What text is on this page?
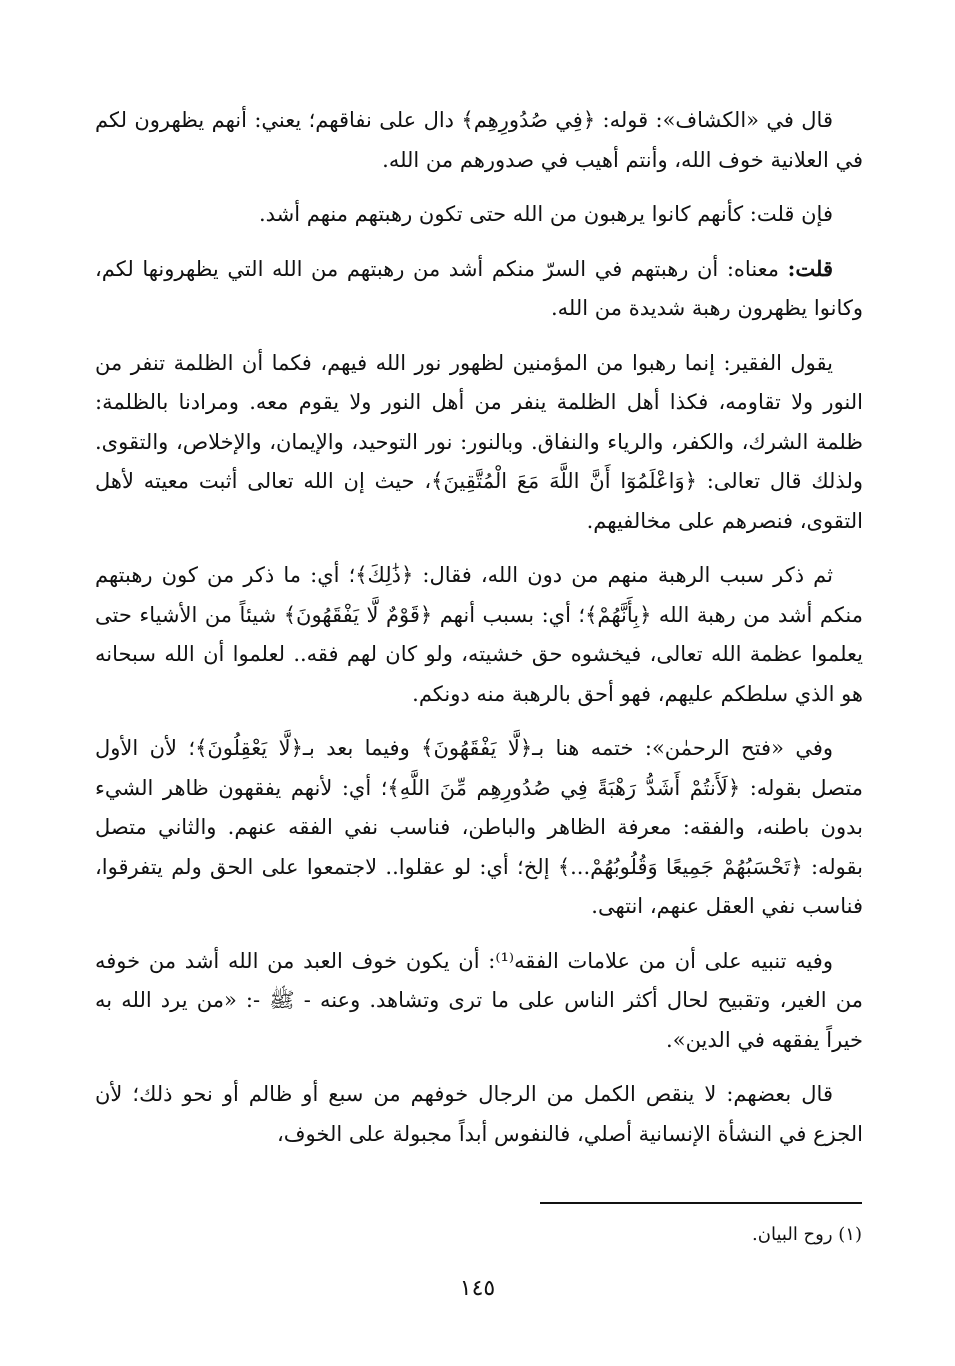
قال في «الكشاف»: قوله: ﴿فِي صُدُورِهِم﴾ دال على نفاقهم؛ يعني: أنهم يظهرون لكم في العلانية خوف الله، وأنتم أهيب في صدورهم من الله.

فإن قلت: كأنهم كانوا يرهبون من الله حتى تكون رهبتهم منهم أشد.

قلت: معناه: أن رهبتهم في السرّ منكم أشد من رهبتهم من الله التي يظهرونها لكم، وكانوا يظهرون رهبة شديدة من الله.

يقول الفقير: إنما رهبوا من المؤمنين لظهور نور الله فيهم، فكما أن الظلمة تنفر من النور ولا تقاومه، فكذا أهل الظلمة ينفر من أهل النور ولا يقوم معه. ومرادنا بالظلمة: ظلمة الشرك، والكفر، والرياء والنفاق. وبالنور: نور التوحيد، والإيمان، والإخلاص، والتقوى. ولذلك قال تعالى: ﴿وَاعْلَمُوٓا أَنَّ اللَّهَ مَعَ الْمُتَّقِينَ﴾، حيث إن الله تعالى أثبت معيته لأهل التقوى، فنصرهم على مخالفيهم.

ثم ذكر سبب الرهبة منهم من دون الله، فقال: ﴿ذَٰلِكَ﴾؛ أي: ما ذكر من كون رهبتهم منكم أشد من رهبة الله ﴿بِأَنَّهُمْ﴾؛ أي: بسبب أنهم ﴿قَوْمٌ لَّا يَفْقَهُونَ﴾ شيئاً من الأشياء حتى يعلموا عظمة الله تعالى، فيخشوه حق خشيته، ولو كان لهم فقه.. لعلموا أن الله سبحانه هو الذي سلطكم عليهم، فهو أحق بالرهبة منه دونكم.

وفي «فتح الرحمٰن»: ختمه هنا بـ﴿لَّا يَفْقَهُونَ﴾ وفيما بعد بـ﴿لَّا يَعْقِلُونَ﴾؛ لأن الأول متصل بقوله: ﴿لَأَنتُمْ أَشَدُّ رَهْبَةً فِي صُدُورِهِم مِّنَ اللَّهِ﴾؛ أي: لأنهم يفقهون ظاهر الشيء بدون باطنه، والفقه: معرفة الظاهر والباطن، فناسب نفي الفقه عنهم. والثاني متصل بقوله: ﴿تَحْسَبُهُمْ جَمِيعًا وَقُلُوبُهُمْ...﴾ إلخ؛ أي: لو عقلوا.. لاجتمعوا على الحق ولم يتفرقوا، فناسب نفي العقل عنهم، انتهى.

وفيه تنبيه على أن من علامات الفقه⁽¹⁾: أن يكون خوف العبد من الله أشد من خوفه من الغير، وتقبيح لحال أكثر الناس على ما ترى وتشاهد. وعنه - ﷺ -: «من يرد الله به خيراً يفقهه في الدين».

قال بعضهم: لا ينقص الكمل من الرجال خوفهم من سبع أو ظالم أو نحو ذلك؛ لأن الجزع في النشأة الإنسانية أصلي، فالنفوس أبداً مجبولة على الخوف،

(١) روح البيان.
١٤٥
